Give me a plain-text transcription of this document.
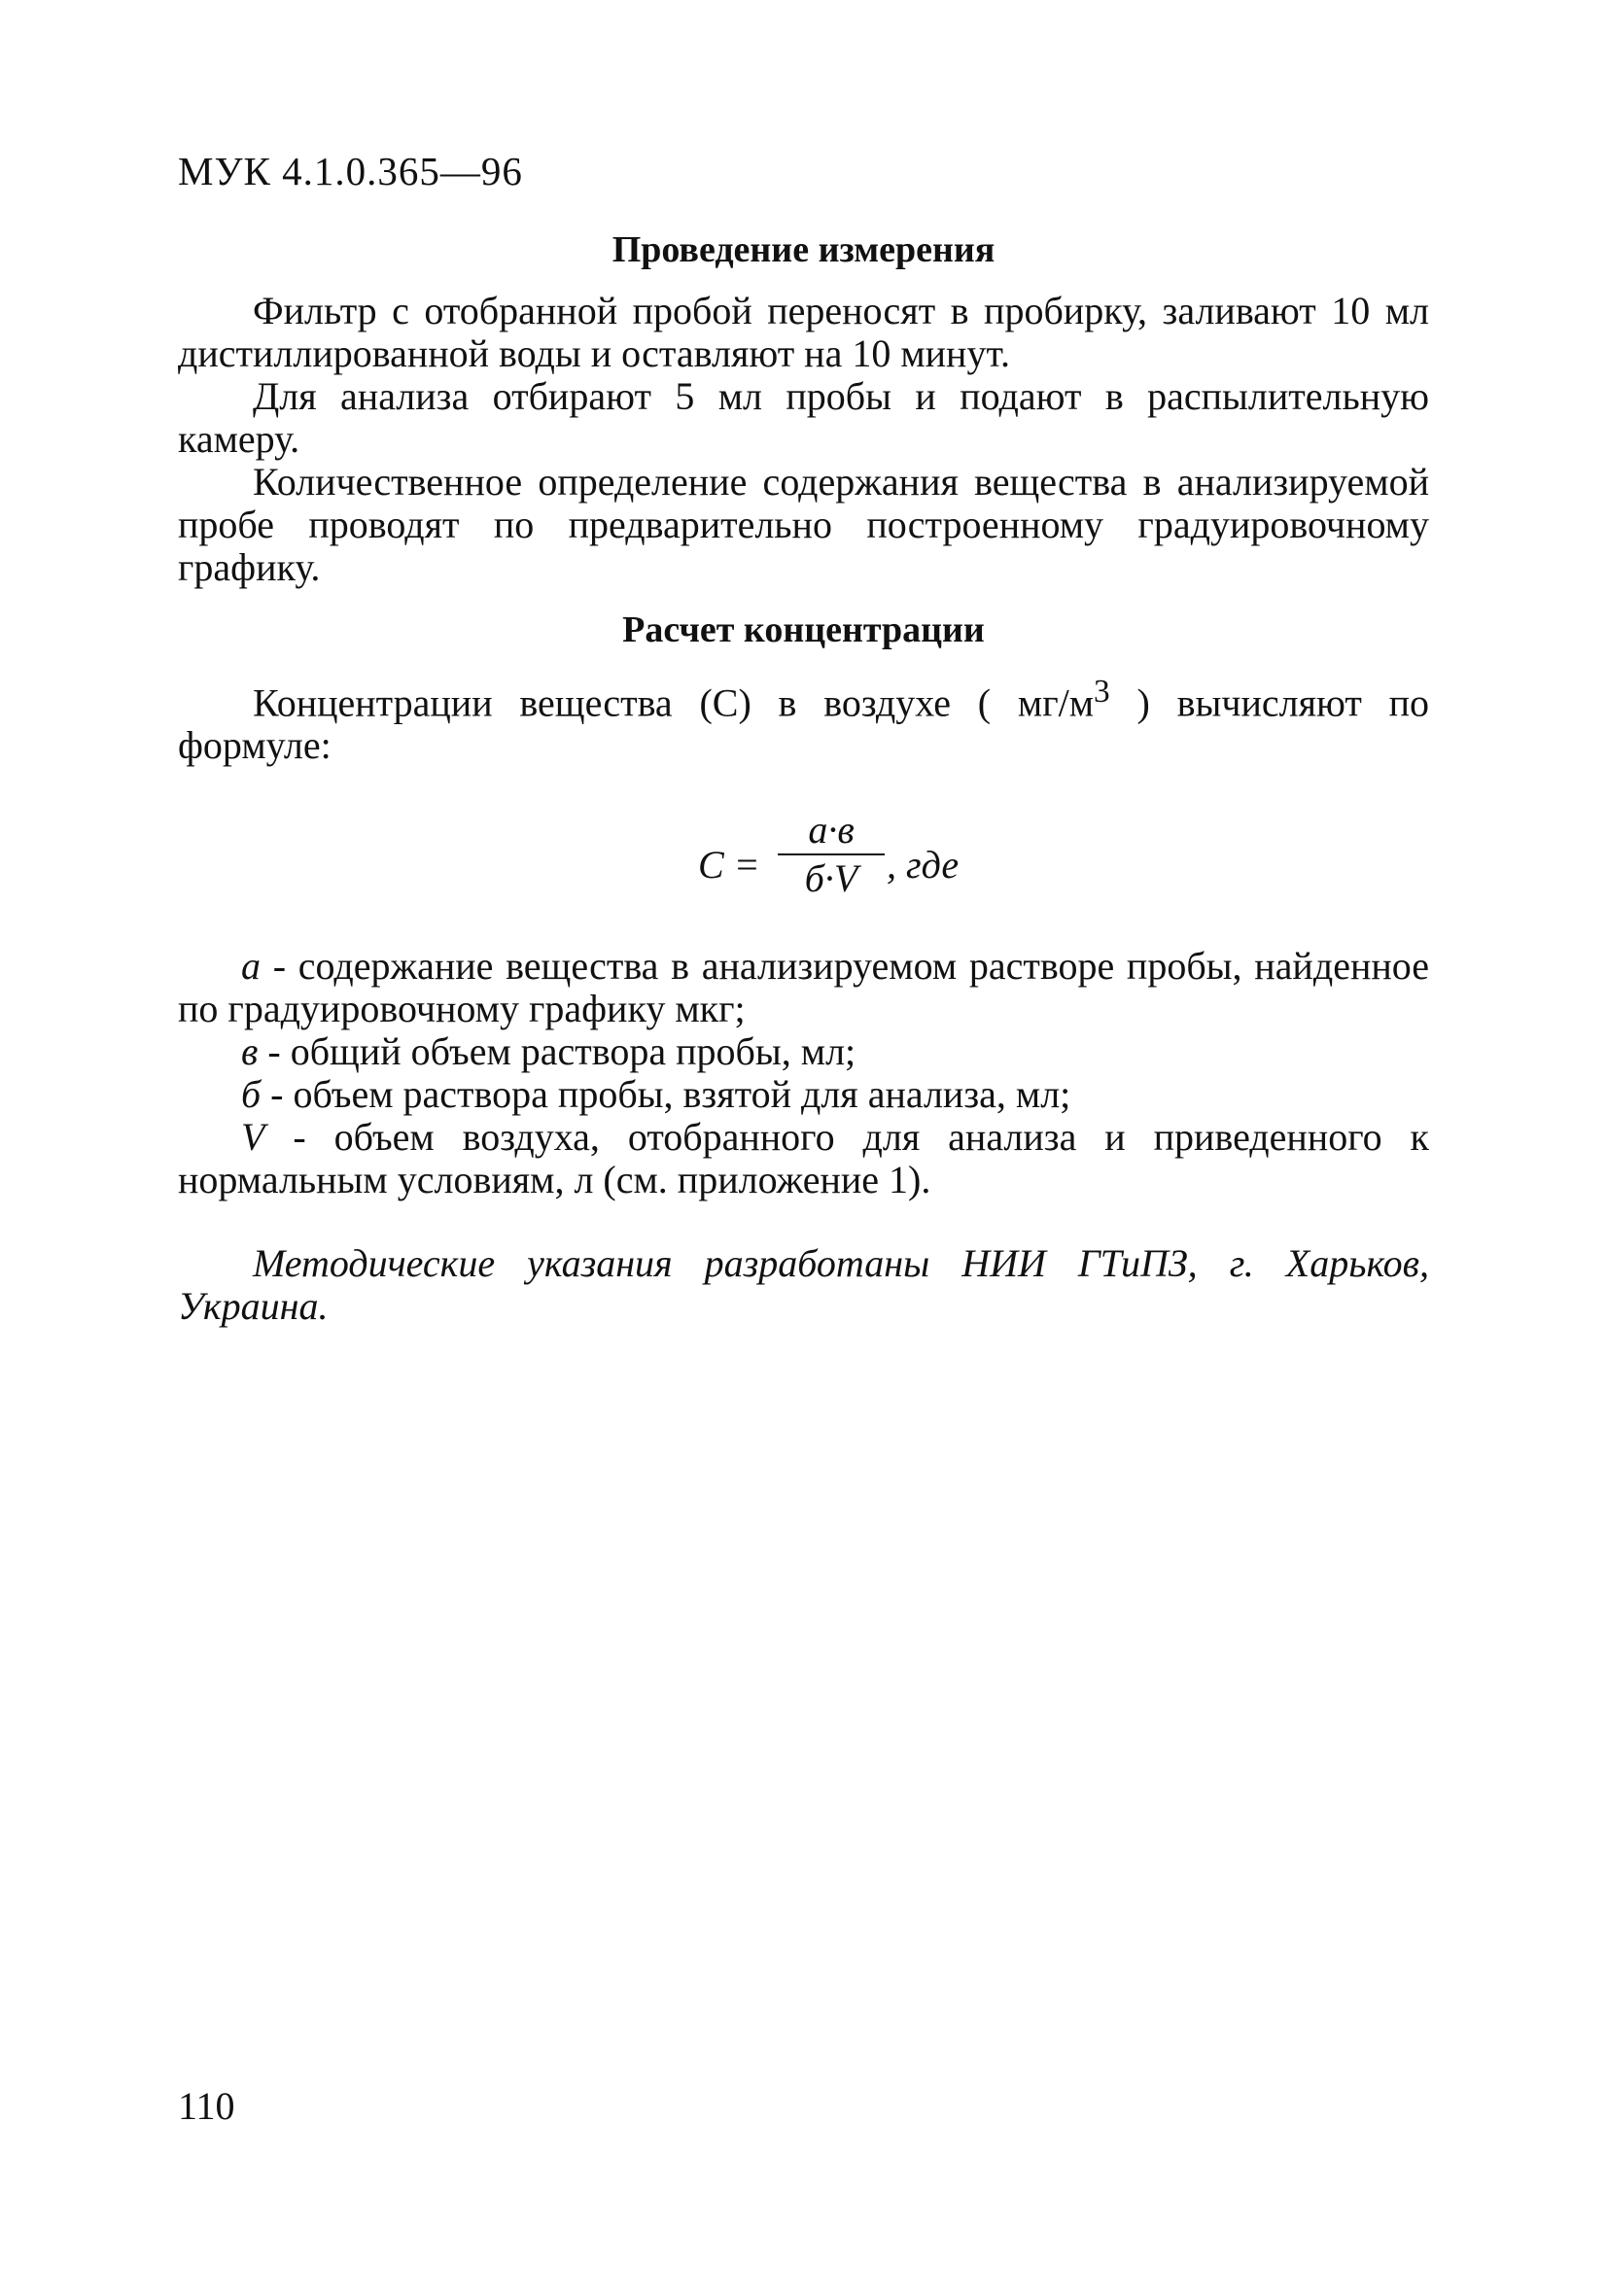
МУК 4.1.0.365—96
Проведение измерения

Фильтр с отобранной пробой переносят в пробирку, заливают 10 мл дистиллированной воды и оставляют на 10 минут.

Для анализа отбирают 5 мл пробы и подают в распылительную камеру.

Количественное определение содержания вещества в анализируемой пробе проводят по предварительно построенному градуировочному графику.

Расчет концентрации

Концентрации вещества (С) в воздухе ( $мг/м^3$ ) вычисляют по формуле:

С =
а·в
б·V , где

а - содержание вещества в анализируемом растворе пробы, найденное по градуировочному графику мкг;

в - общий объем раствора пробы, мл;

б - объем раствора пробы, взятой для анализа, мл;

V - объем воздуха, отобранного для анализа и приведенного к нормальным условиям, л (см. приложение 1).

Методические указания разработаны НИИ ГТиПЗ, г. Харьков, Украина.

110
